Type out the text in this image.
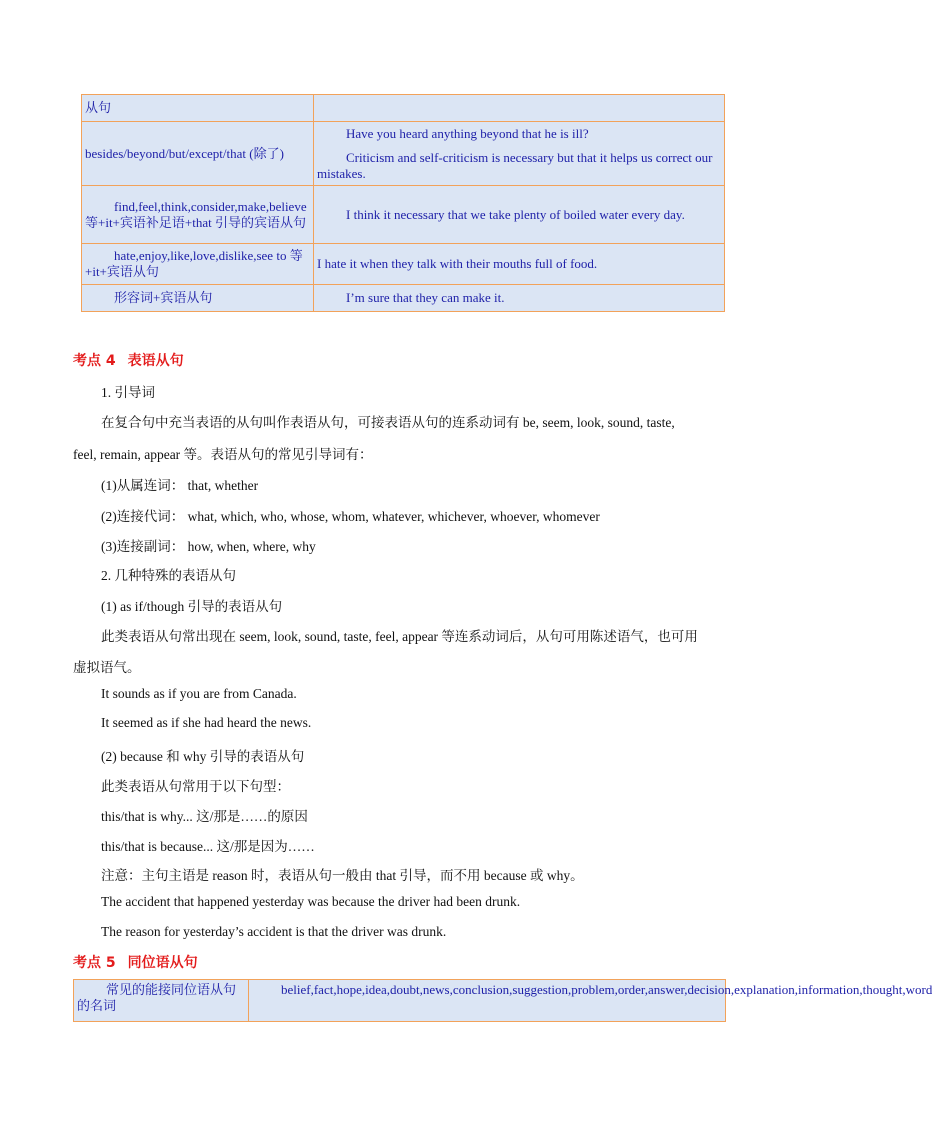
从句	
besides/beyond/but/except/that (除了)	Have you heard anything beyond that he is ill?

Criticism and self-criticism is necessary but that it helps us correct our mistakes.

find,feel,think,consider,make,believe 等+it+宾语补足语+that 引导的宾语从句	I think it necessary that we take plenty of boiled water every day.

hate,enjoy,like,love,dislike,see to 等+it+宾语从句	I hate it when they talk with their mouths full of food.

形容词+宾语从句	I’m sure that they can make it.

考点 4 表语从句
1. 引导词
在复合句中充当表语的从句叫作表语从句，可接表语从句的连系动词有 be, seem, look, sound, taste,
feel, remain, appear 等。表语从句的常见引导词有：
(1)从属连词： that, whether
(2)连接代词： what, which, who, whose, whom, whatever, whichever, whoever, whomever
(3)连接副词： how, when, where, why
2. 几种特殊的表语从句
(1) as if/though 引导的表语从句
此类表语从句常出现在 seem, look, sound, taste, feel, appear 等连系动词后，从句可用陈述语气，也可用
虚拟语气。
It sounds as if you are from Canada.
It seemed as if she had heard the news.
(2) because 和 why 引导的表语从句
此类表语从句常用于以下句型：
this/that is why... 这/那是……的原因
this/that is because... 这/那是因为……
注意：主句主语是 reason 时，表语从句一般由 that 引导，而不用 because 或 why。
The accident that happened yesterday was because the driver had been drunk.
The reason for yesterday’s accident is that the driver was drunk.
考点 5 同位语从句
常见的能接同位语从句的名词	belief,fact,hope,idea,doubt,news,conclusion,suggestion,problem,order,answer,decision,explanation,information,thought,word
